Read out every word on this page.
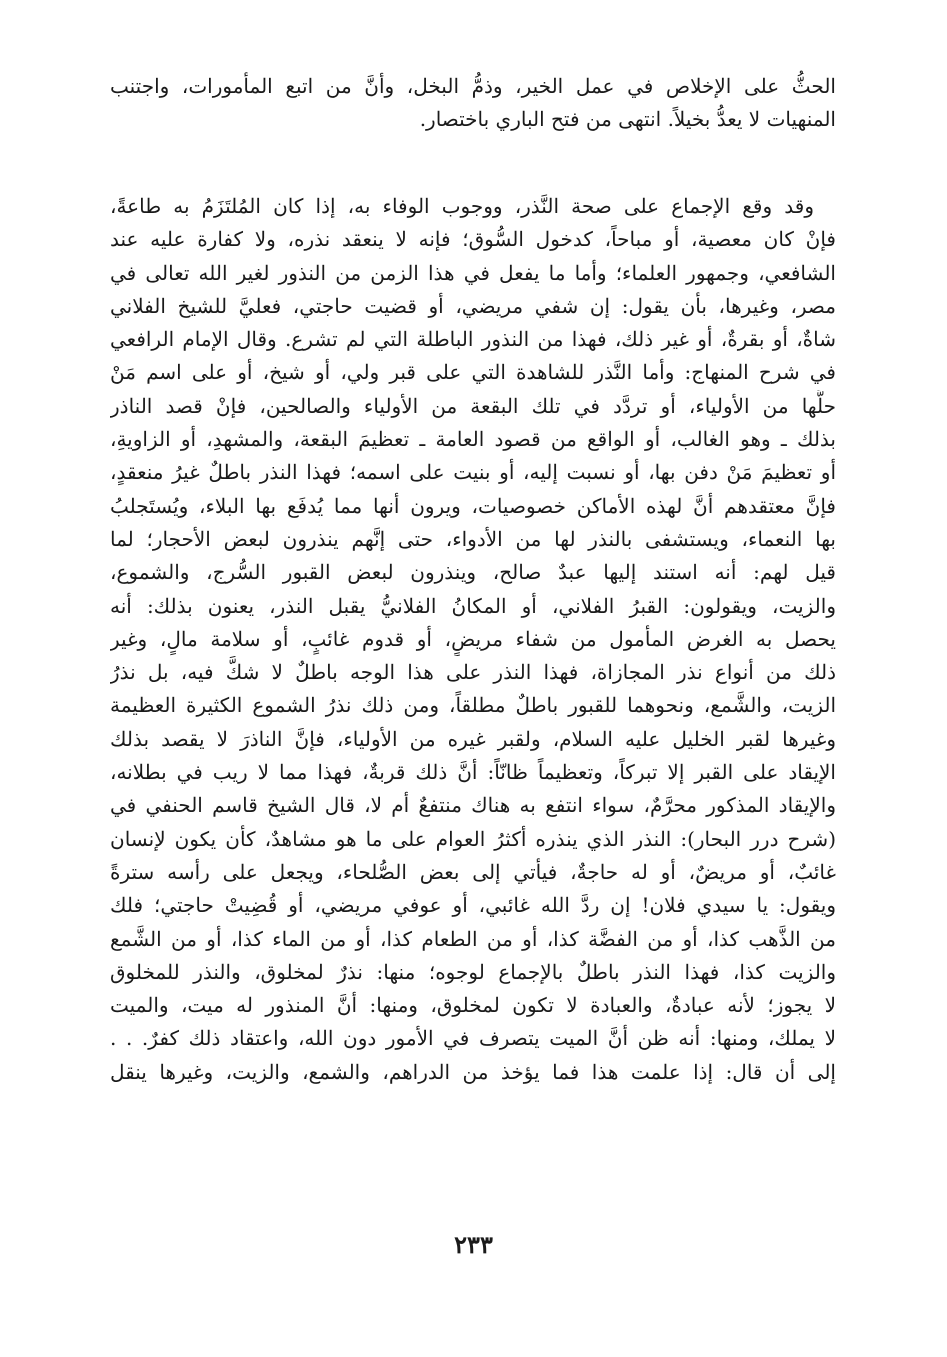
الحثُّ على الإخلاص في عمل الخير، وذمُّ البخل، وأنَّ من اتبع المأمورات، واجتنب
المنهيات لا يعدُّ بخيلاً. انتهى من فتح الباري باختصار.
وقد وقع الإجماع على صحة النَّذر، ووجوب الوفاء به، إذا كان المُلتَزَمُ به طاعةً،
فإنْ كان معصية، أو مباحاً، كدخول السُّوق؛ فإنه لا ينعقد نذره، ولا كفارة عليه عند
الشافعي، وجمهور العلماء؛ وأما ما يفعل في هذا الزمن من النذور لغير الله تعالى في
مصر، وغيرها، بأن يقول: إن شفي مريضي، أو قضيت حاجتي، فعليَّ للشيخ الفلاني
شاةٌ، أو بقرةٌ، أو غير ذلك، فهذا من النذور الباطلة التي لم تشرع. وقال الإمام الرافعي
في شرح المنهاج: وأما النَّذر للشاهدة التي على قبر ولي، أو شيخ، أو على اسم مَنْ
حلَّها من الأولياء، أو تردَّد في تلك البقعة من الأولياء والصالحين، فإنْ قصد الناذر
بذلك ـ وهو الغالب، أو الواقع من قصود العامة ـ تعظيمَ البقعة، والمشهدِ، أو الزاويةِ،
أو تعظيمَ مَنْ دفن بها، أو نسبت إليه، أو بنيت على اسمه؛ فهذا النذر باطلٌ غيرُ منعقدٍ،
فإنَّ معتقدهم أنَّ لهذه الأماكن خصوصيات، ويرون أنها مما يُدفَع بها البلاء، ويُستَجلبُ
بها النعماء، ويستشفى بالنذر لها من الأدواء، حتى إنَّهم ينذرون لبعض الأحجار؛ لما
قيل لهم: أنه استند إليها عبدٌ صالح، وينذرون لبعض القبور السُّرج، والشموع،
والزيت، ويقولون: القبرُ الفلاني، أو المكانُ الفلانيُّ يقبل النذر، يعنون بذلك: أنه
يحصل به الغرض المأمول من شفاء مريضٍ، أو قدوم غائبٍ، أو سلامة مالٍ، وغير
ذلك من أنواع نذر المجازاة، فهذا النذر على هذا الوجه باطلٌ لا شكَّ فيه، بل نذرُ
الزيت، والشَّمع، ونحوهما للقبور باطلٌ مطلقاً، ومن ذلك نذرُ الشموع الكثيرة العظيمة
وغيرها لقبر الخليل عليه السلام، ولقبر غيره من الأولياء، فإنَّ الناذرَ لا يقصد بذلك
الإيقاد على القبر إلا تبركاً، وتعظيماً ظانّاً: أنَّ ذلك قربةٌ، فهذا مما لا ريب في بطلانه،
والإيقاد المذكور محرَّمٌ، سواء انتفع به هناك منتفعٌ أم لا، قال الشيخ قاسم الحنفي في
(شرح درر البحار): النذر الذي ينذره أكثرُ العوام على ما هو مشاهدٌ، كأن يكون لإنسان
غائبٌ، أو مريضٌ، أو له حاجةٌ، فيأتي إلى بعض الصُّلحاء، ويجعل على رأسه سترةً
ويقول: يا سيدي فلان! إن ردَّ الله غائبي، أو عوفي مريضي، أو قُضِيتْ حاجتي؛ فلك
من الذَّهب كذا، أو من الفضَّة كذا، أو من الطعام كذا، أو من الماء كذا، أو من الشَّمع
والزيت كذا، فهذا النذر باطلٌ بالإجماع لوجوه؛ منها: نذرٌ لمخلوق، والنذر للمخلوق
لا يجوز؛ لأنه عبادةٌ، والعبادة لا تكون لمخلوق، ومنها: أنَّ المنذور له ميت، والميت
لا يملك، ومنها: أنه ظن أنَّ الميت يتصرف في الأمور دون الله، واعتقاد ذلك كفرٌ. . .
إلى أن قال: إذا علمت هذا فما يؤخذ من الدراهم، والشمع، والزيت، وغيرها ينقل
٢٣٣
